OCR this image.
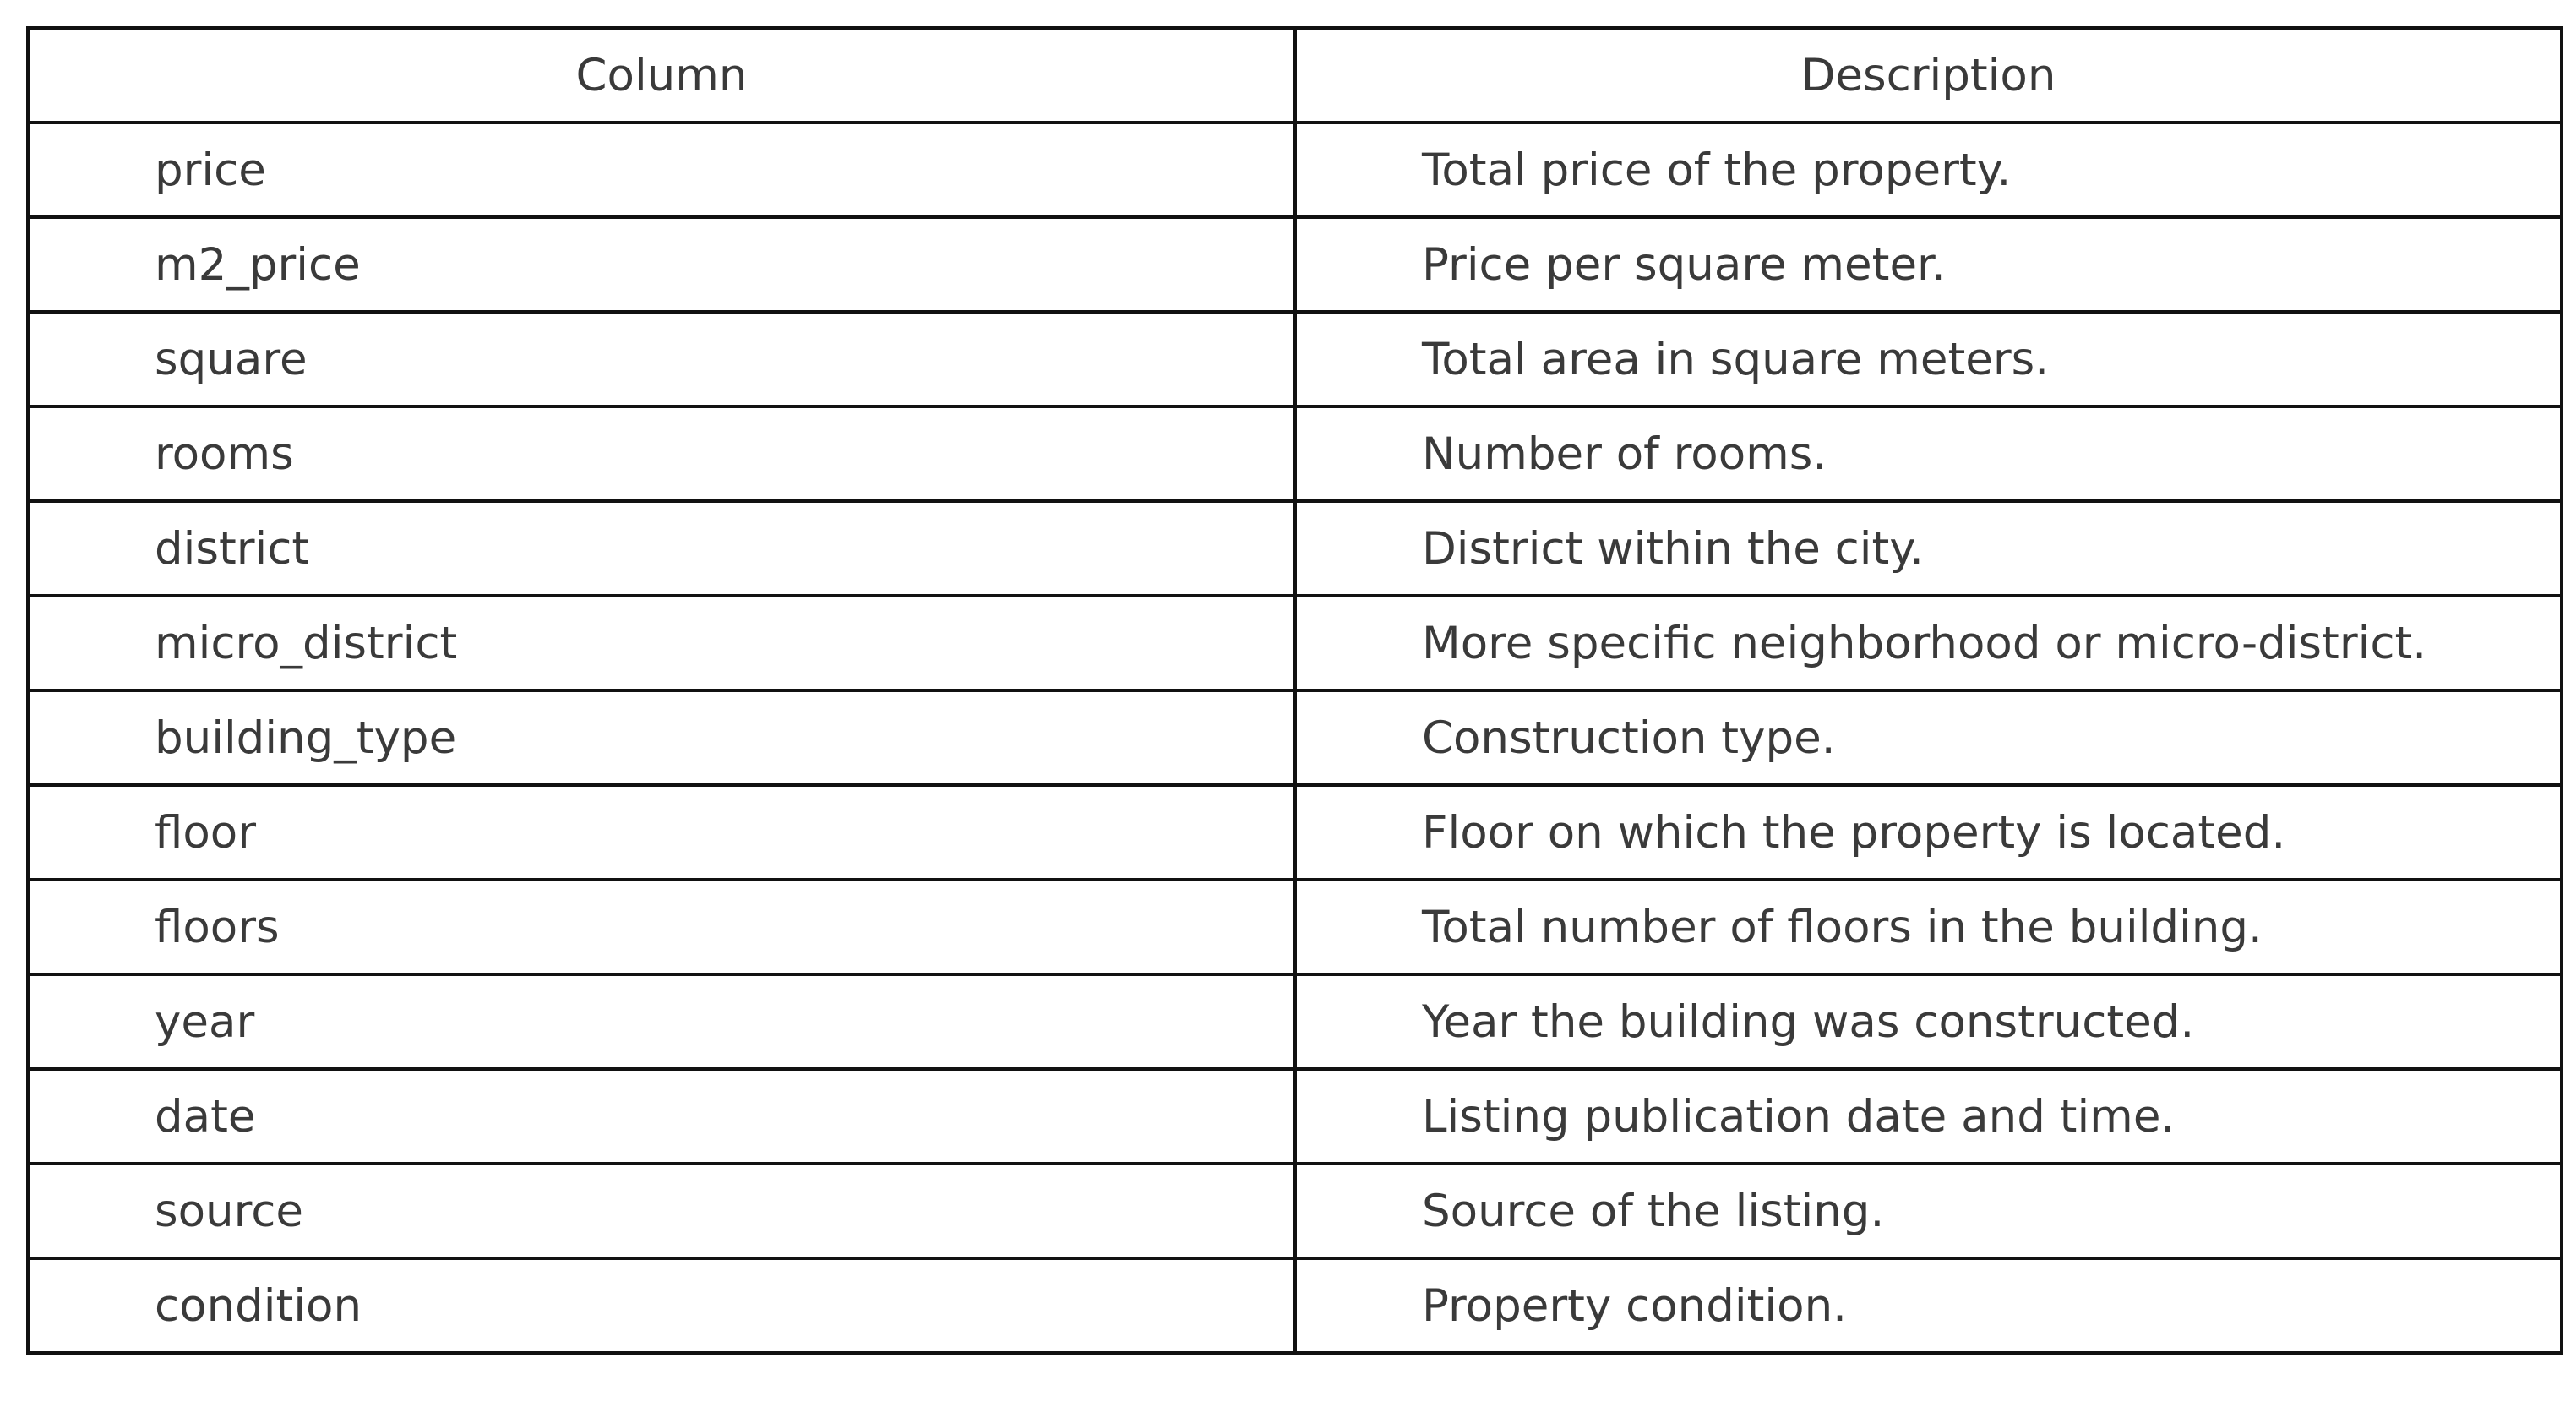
Column	Description
price	Total price of the property.
m2_price	Price per square meter.
square	Total area in square meters.
rooms	Number of rooms.
district	District within the city.
micro_district	More specific neighborhood or micro-district.
building_type	Construction type.
floor	Floor on which the property is located.
floors	Total number of floors in the building.
year	Year the building was constructed.
date	Listing publication date and time.
source	Source of the listing.
condition	Property condition.
